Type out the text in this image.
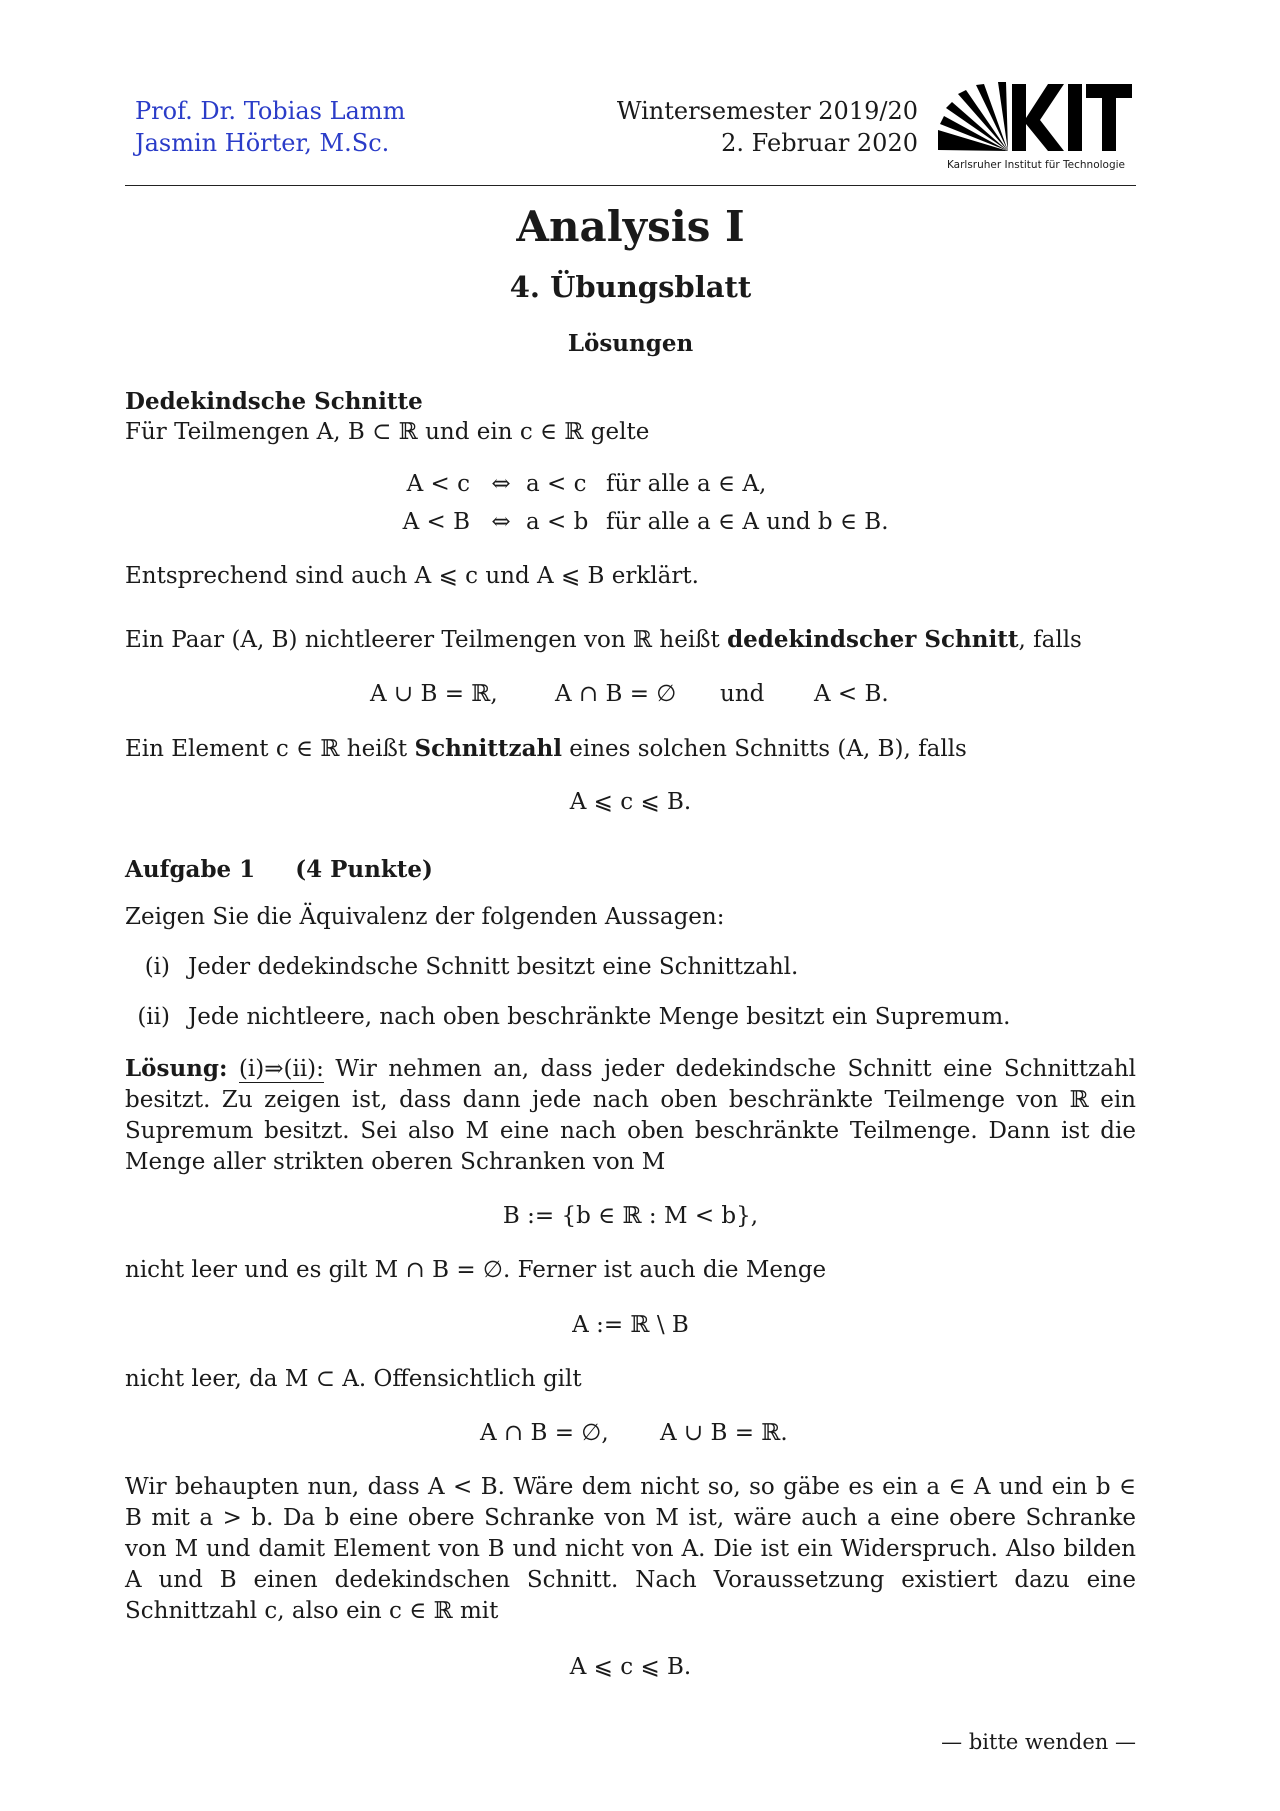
Prof. Dr. Tobias Lamm
Jasmin Hörter, M.Sc.
Wintersemester 2019/20
2. Februar 2020
Karlsruher Institut für Technologie
Analysis I
4. Übungsblatt
Lösungen
Dedekindsche Schnitte
Für Teilmengen A, B ⊂ ℝ und ein c ∈ ℝ gelte
A < c ⇔ a < c für alle a ∈ A,
A < B ⇔ a < b für alle a ∈ A und b ∈ B.
Entsprechend sind auch A ⩽ c und A ⩽ B erklärt.
Ein Paar (A, B) nichtleerer Teilmengen von ℝ heißt dedekindscher Schnitt, falls
A ∪ B = ℝ, A ∩ B = ∅ und A < B.
Ein Element c ∈ ℝ heißt Schnittzahl eines solchen Schnitts (A, B), falls
A ⩽ c ⩽ B.
Aufgabe 1 (4 Punkte)
Zeigen Sie die Äquivalenz der folgenden Aussagen:
(i) Jeder dedekindsche Schnitt besitzt eine Schnittzahl.
(ii) Jede nichtleere, nach oben beschränkte Menge besitzt ein Supremum.
Lösung: (i)⇒(ii): Wir nehmen an, dass jeder dedekindsche Schnitt eine Schnittzahl besitzt. Zu zeigen ist, dass dann jede nach oben beschränkte Teilmenge von ℝ ein Supremum besitzt. Sei also M eine nach oben beschränkte Teilmenge. Dann ist die Menge aller strikten oberen Schranken von M
B := {b ∈ ℝ : M < b},
nicht leer und es gilt M ∩ B = ∅. Ferner ist auch die Menge
A := ℝ \ B
nicht leer, da M ⊂ A. Offensichtlich gilt
A ∩ B = ∅, A ∪ B = ℝ.
Wir behaupten nun, dass A < B. Wäre dem nicht so, so gäbe es ein a ∈ A und ein b ∈ B mit a > b. Da b eine obere Schranke von M ist, wäre auch a eine obere Schranke von M und damit Element von B und nicht von A. Die ist ein Widerspruch. Also bilden A und B einen dedekindschen Schnitt. Nach Voraussetzung existiert dazu eine Schnittzahl c, also ein c ∈ ℝ mit
A ⩽ c ⩽ B.
— bitte wenden —
